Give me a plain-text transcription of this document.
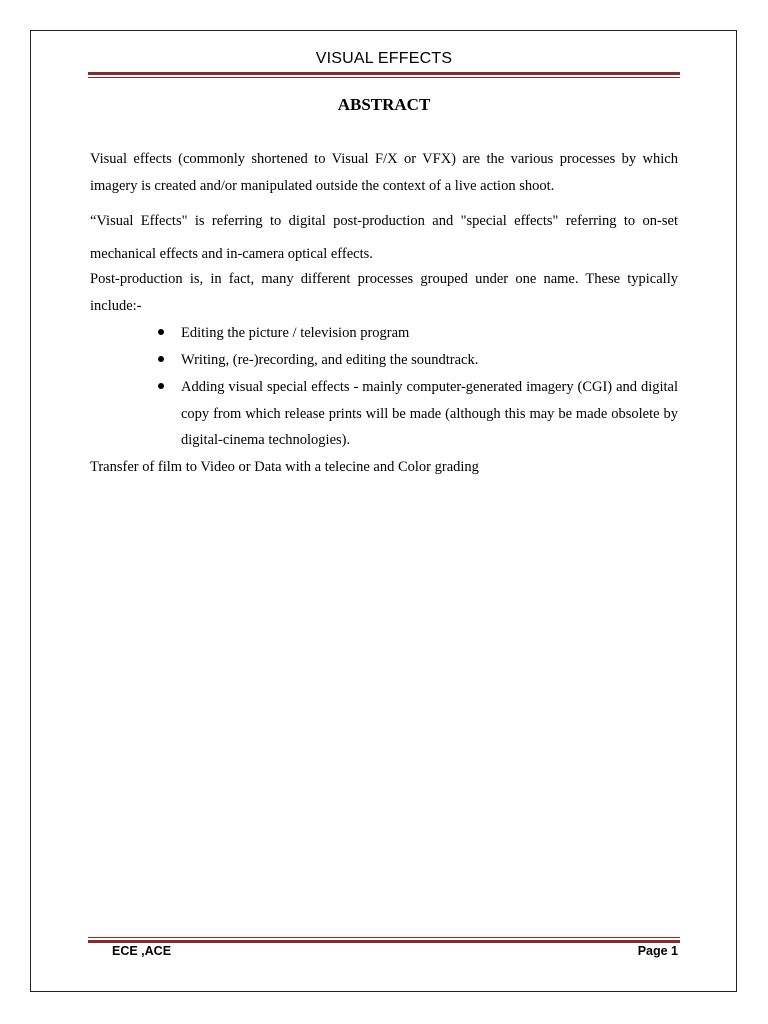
VISUAL EFFECTS
ABSTRACT
Visual effects (commonly shortened to Visual F/X or VFX) are the various processes by which imagery is created and/or manipulated outside the context of a live action shoot.
“Visual Effects" is referring to digital post-production and "special effects" referring to on-set mechanical effects and in-camera optical effects.
Post-production is, in fact, many different processes grouped under one name. These typically include:-
Editing the picture / television program
Writing, (re-)recording, and editing the soundtrack.
Adding visual special effects - mainly computer-generated imagery (CGI) and digital copy from which release prints will be made (although this may be made obsolete by digital-cinema technologies).
Transfer of film to Video or Data with a telecine and Color grading
ECE ,ACE	Page 1
